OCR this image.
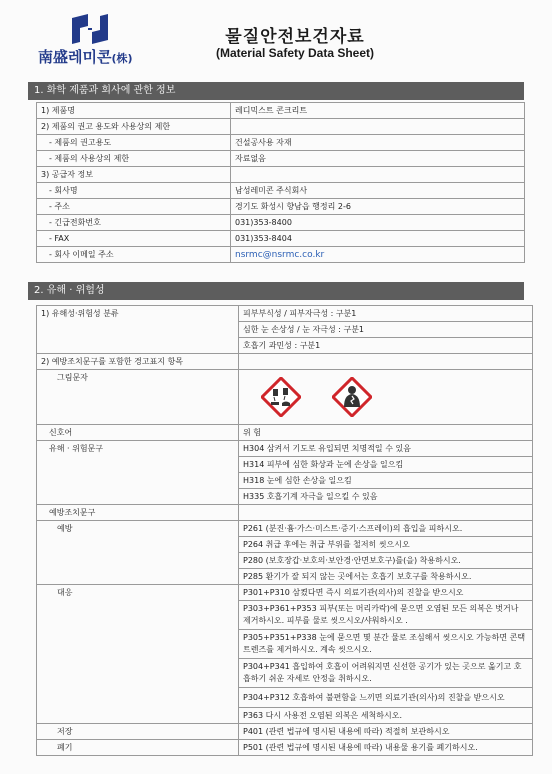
南盛레미콘(株)
물질안전보건자료
(Material Safety Data Sheet)
1. 화학 제품과 회사에 관한 정보
1) 제품명	레디믹스트 콘크리트
2) 제품의 권고 용도와 사용상의 제한	
- 제품의 권고용도	건설공사용 자재
- 제품의 사용상의 제한	자료없음
3) 공급자 정보	
- 회사명	남성레미콘 주식회사
- 주소	경기도 화성시 향남읍 행정리 2-6
- 긴급전화번호	031)353-8400
- FAX	031)353-8404
- 회사 이메일 주소	nsrmc@nsrmc.co.kr
2. 유해 · 위험성
1) 유해성·위험성 분류	피부부식성 / 피부자극성 : 구분1
	심한 눈 손상성 / 눈 자극성 : 구분1
	호흡기 과민성 : 구분1
2) 예방조치문구를 포함한 경고표지 항목	
그림문자	
신호어	위 험
유해 · 위험문구	H304 삼켜서 기도로 유입되면 치명적일 수 있음
	H314 피부에 심한 화상과 눈에 손상을 일으킴
	H318 눈에 심한 손상을 일으킴
	H335 호흡기계 자극을 일으킬 수 있음
예방조치문구	
예방	P261 (분진·흄·가스·미스트·증기·스프레이)의 흡입을 피하시오.
	P264 취급 후에는 취급 부위를 철저히 씻으시오
	P280 (보호장갑·보호의·보안경·안면보호구)를(을) 착용하시오.
	P285 환기가 잘 되지 않는 곳에서는 호흡기 보호구를 착용하시오.
대응	P301+P310 삼켰다면 즉시 의료기관(의사)의 진찰을 받으시오
	P303+P361+P353 피부(또는 머리카락)에 묻으면 오염된 모든 의복은 벗거나 제거하시오. 피부를 물로 씻으시오/샤워하시오 .
	P305+P351+P338 눈에 묻으면 몇 분간 물로 조심해서 씻으시오 가능하면 콘택트렌즈를 제거하시오. 계속 씻으시오.
	P304+P341 흡입하여 호흡이 어려워지면 신선한 공기가 있는 곳으로 옮기고 호흡하기 쉬운 자세로 안정을 취하시오.
	P304+P312 호흡하여 불편함을 느끼면 의료기관(의사)의 진찰을 받으시오
	P363 다시 사용전 오염된 의복은 세척하시오.
저장	P401 (관련 법규에 명시된 내용에 따라) 적절히 보관하시오
폐기	P501 (관련 법규에 명시된 내용에 따라) 내용물 용기를 폐기하시오.
